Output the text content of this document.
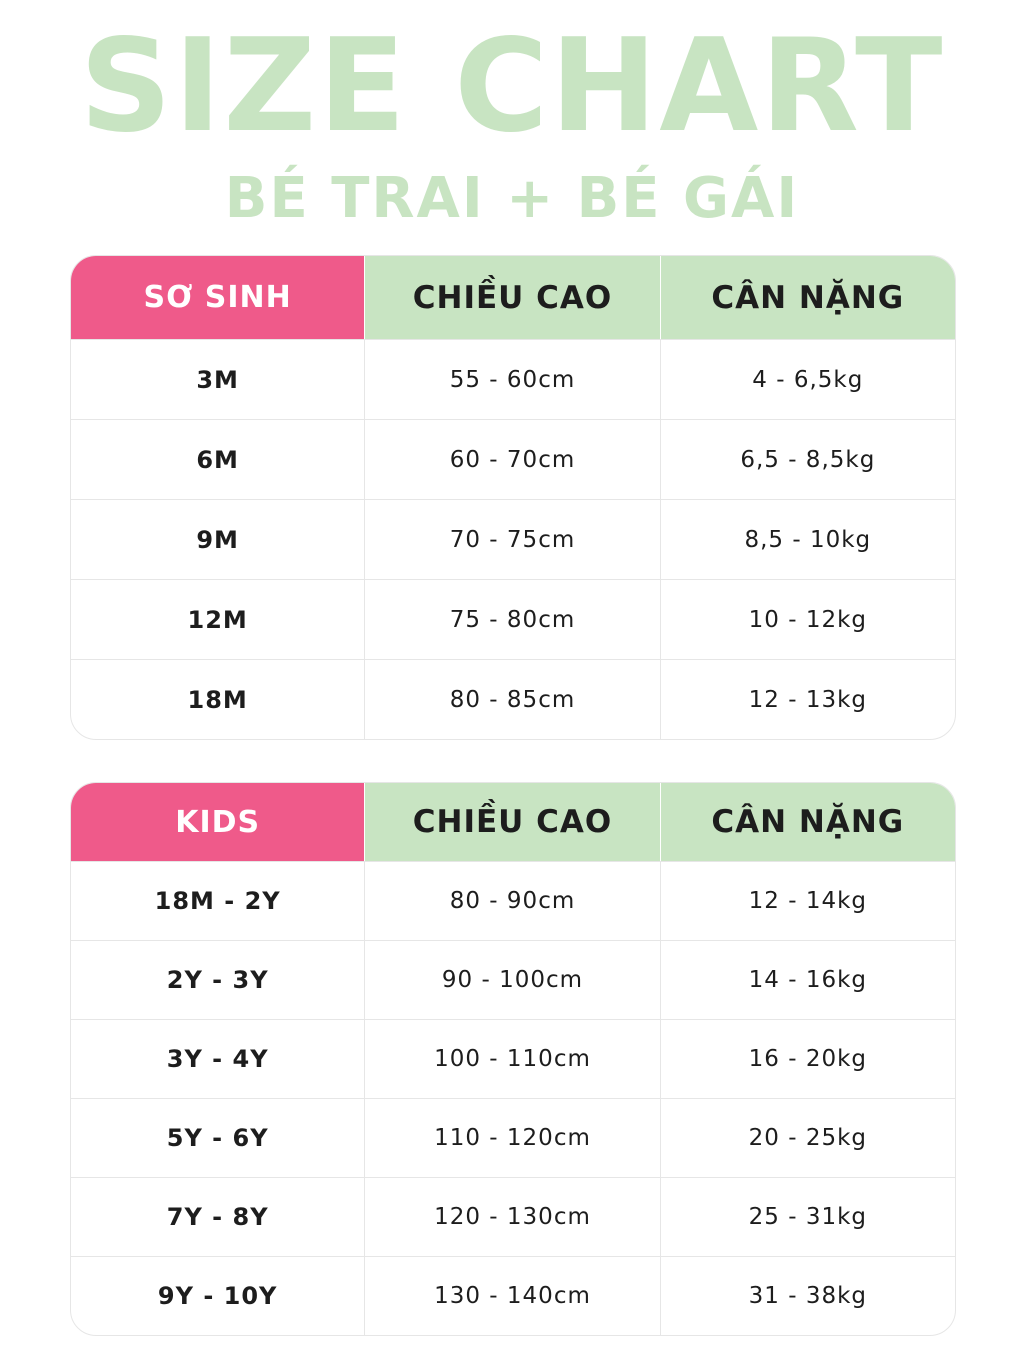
SIZE CHART
BÉ TRAI + BÉ GÁI
SƠ SINH	CHIỀU CAO	CÂN NẶNG
3M	55 - 60cm	4 - 6,5kg
6M	60 - 70cm	6,5 - 8,5kg
9M	70 - 75cm	8,5 - 10kg
12M	75 - 80cm	10 - 12kg
18M	80 - 85cm	12 - 13kg
KIDS	CHIỀU CAO	CÂN NẶNG
18M - 2Y	80 - 90cm	12 - 14kg
2Y - 3Y	90 - 100cm	14 - 16kg
3Y - 4Y	100 - 110cm	16 - 20kg
5Y - 6Y	110 - 120cm	20 - 25kg
7Y - 8Y	120 - 130cm	25 - 31kg
9Y - 10Y	130 - 140cm	31 - 38kg
